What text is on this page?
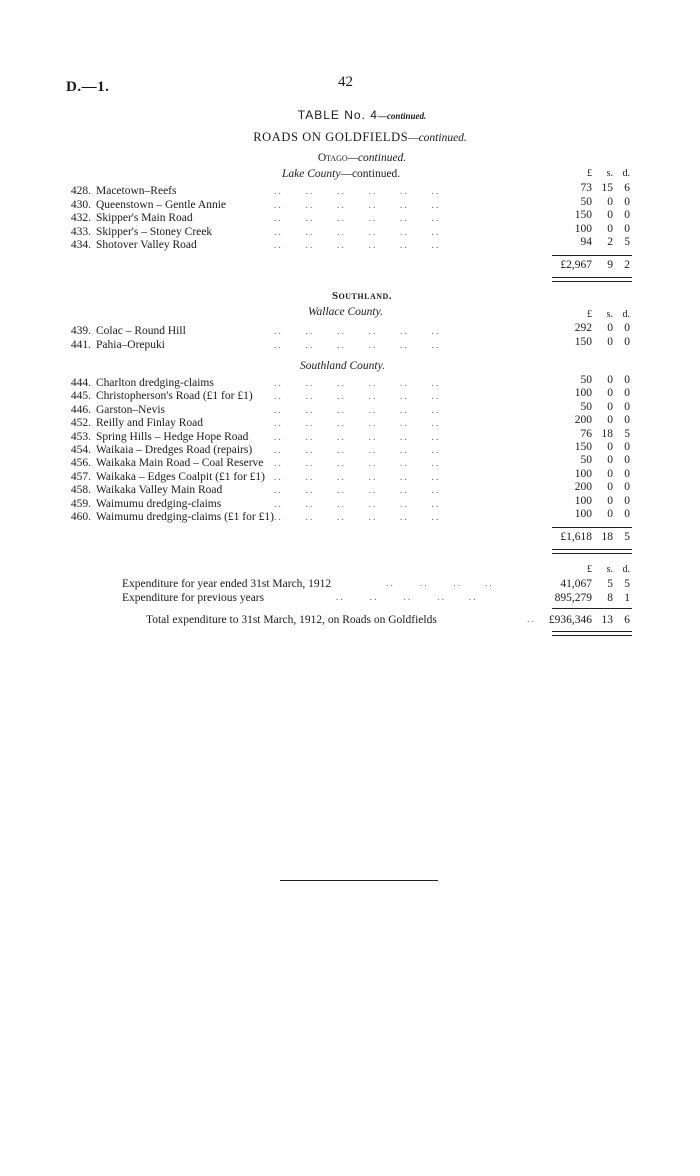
D.—1.	42
TABLE No. 4—continued.
ROADS ON GOLDFIELDS—continued.
Otago—continued.
Lake County—continued.	£ s. d.
428. Macetown–Reefs	. .           . .           . .           . .           . .           . .	73 15 6
430. Queenstown – Gentle Annie	. .           . .           . .           . .           . .           . .	50 0 0
432. Skipper's Main Road	. .           . .           . .           . .           . .           . .	150 0 0
433. Skipper's – Stoney Creek	. .           . .           . .           . .           . .           . .	100 0 0
434. Shotover Valley Road	. .           . .           . .           . .           . .           . .	94 2 5
£2,967 9 2
Southland.
Wallace County.	£ s. d.
439. Colac – Round Hill	. .           . .           . .           . .           . .           . .	292 0 0
441. Pahia–Orepuki	. .           . .           . .           . .           . .           . .	150 0 0
Southland County.
444. Charlton dredging-claims	. .           . .           . .           . .           . .           . .	50 0 0
445. Christopherson's Road (£1 for £1) . .           . .           . .           . .           . .           . .	100 0 0
446. Garston–Nevis	. .           . .           . .           . .           . .           . .	50 0 0
452. Reilly and Finlay Road	. .           . .           . .           . .           . .           . .	200 0 0
453. Spring Hills – Hedge Hope Road	. .           . .           . .           . .           . .           . .	76 18 5
454. Waikaia – Dredges Road (repairs) . .           . .           . .           . .           . .           . .	150 0 0
456. Waikaka Main Road – Coal Reserve . .           . .           . .           . .           . .           . .	50 0 0
457. Waikaka – Edges Coalpit (£1 for £1) . .           . .           . .           . .           . .           . .	100 0 0
458. Waikaka Valley Main Road	. .           . .           . .           . .           . .           . .	200 0 0
459. Waimumu dredging-claims	. .           . .           . .           . .           . .           . .	100 0 0
460. Waimumu dredging-claims (£1 for £1) . .           . .           . .           . .           . .           . .	100 0 0
£1,618 18 5
£ s. d.
Expenditure for year ended 31st March, 1912	. .            . .            . .           . .	41,067 5 5
Expenditure for previous years	. .            . .            . .            . .           . .	895,279 8 1
Total expenditure to 31st March, 1912, on Roads on Goldfields	. . £936,346 13 6
